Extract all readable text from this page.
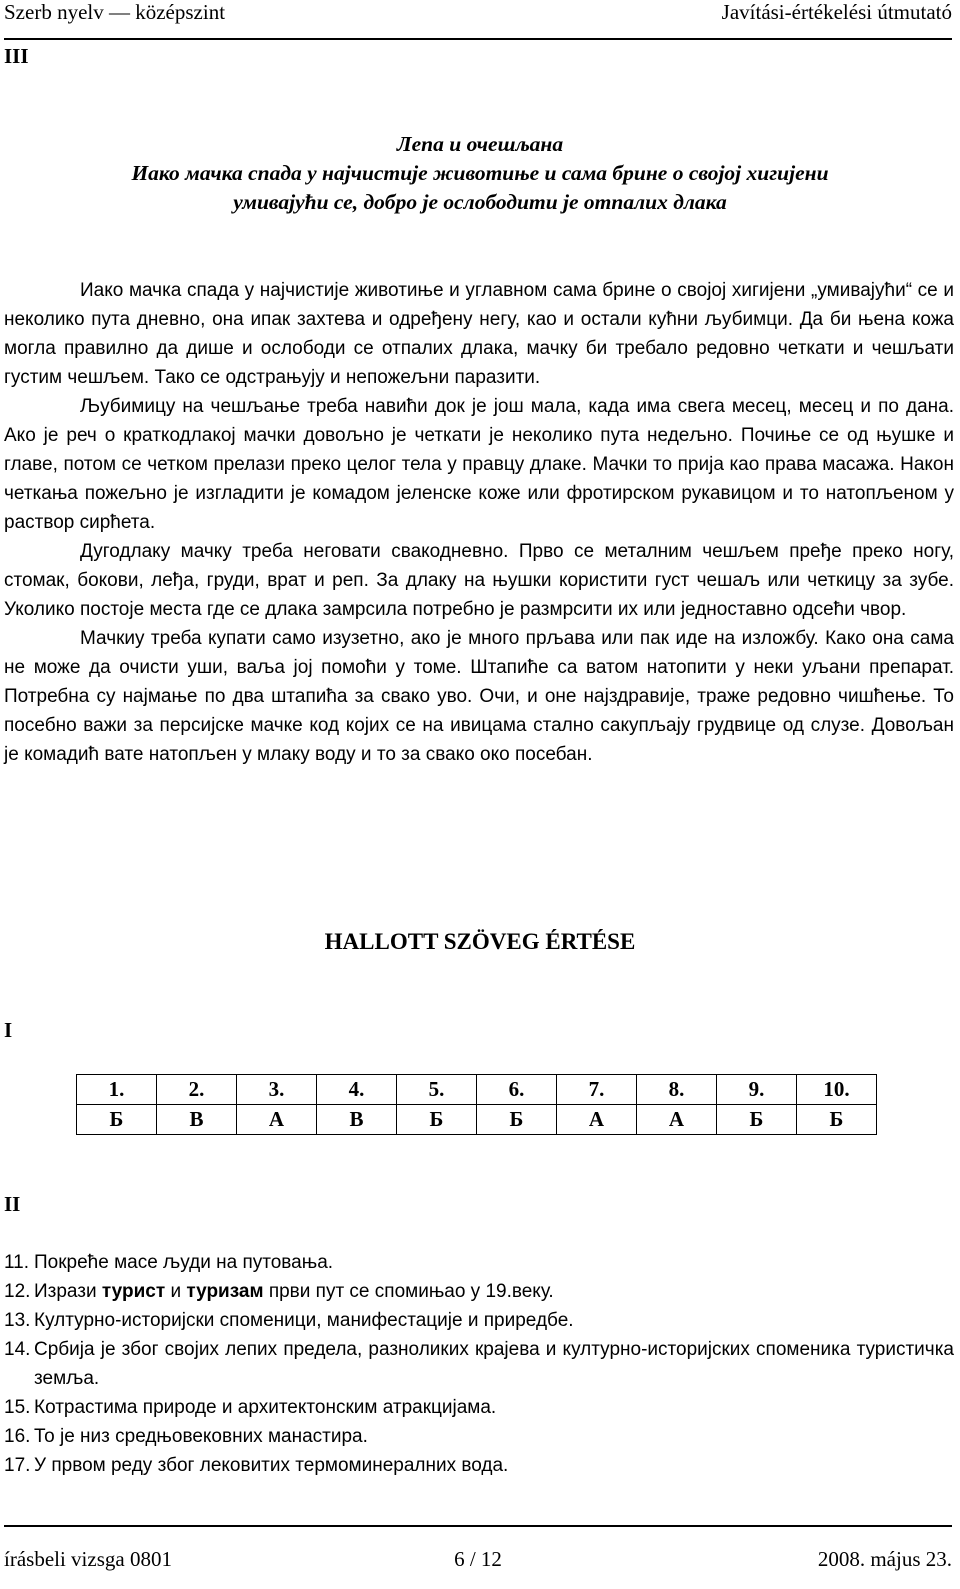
Szerb nyelv — középszint	Javítási-értékelési útmutató
III
Лепа и очешљана
Иако мачка спада у најчистије животиње и сама брине о својој хигијени
умивајући се, добро је ослободити је отпалих длака

Иако мачка спада у најчистије животиње и углавном сама брине о својој хигијени „умивајући“ се и неколико пута дневно, она ипак захтева и одређену негу, као и остали кућни љубимци. Да би њена кожа могла правилно да дише и ослободи се отпалих длака, мачку би требало редовно четкати и чешљати густим чешљем. Тако се одстрањују и непожељни паразити.

Љубимицу на чешљање треба навићи док је још мала, када има свега месец, месец и по дана. Ако је реч о краткодлакој мачки довољно је четкати је неколико пута недељно. Почиње се од њушке и главе, потом се четком прелази преко целог тела у правцу длаке. Мачки то прија као права масажа. Након четкања пожељно је изгладити је комадом јеленске коже или фротирском рукавицом и то натопљеном у раствор сирћета.

Дугодлаку мачку треба неговати свакодневно. Прво се металним чешљем пређе преко ногу, стомак, бокови, леђа, груди, врат и реп. За длаку на њушки користити густ чешаљ или четкицу за зубе. Уколико постоје места где се длака замрсила потребно је размрсити их или једноставно одсећи чвор.

Мачкиу треба купати само изузетно, ако је много прљава или пак иде на изложбу. Како она сама не може да очисти уши, ваља јој помоћи у томе. Штапиће са ватом натопити у неки уљани препарат. Потребна су најмање по два штапића за свако уво. Очи, и оне најздравије, траже редовно чишћење. То посебно важи за персијске мачке код којих се на ивицама стално сакупљају грудвице од слузе. Довољан је комадић вате натопљен у млаку воду и то за свако око посебан.

HALLOTT SZÖVEG ÉRTÉSE
I
1.	2.	3.	4.	5.	6.	7.	8.	9.	10.
Б	В	А	В	Б	Б	А	А	Б	Б
II
11. Покреће масе људи на путовања.
12. Изрази турист и туризам први пут се спомињао у 19.веку.
13. Културно-историјски споменици, манифестације и приредбе.
14. Србија је због својих лепих предела, разноликих крајева и културно-историјских споменика туристичка земља.
15. Котрастима природе и архитектонским атракцијама.
16. То је низ средњовековних манастира.
17. У првом реду због лековитих термоминералних вода.
írásbeli vizsga 0801	6 / 12	2008. május 23.
